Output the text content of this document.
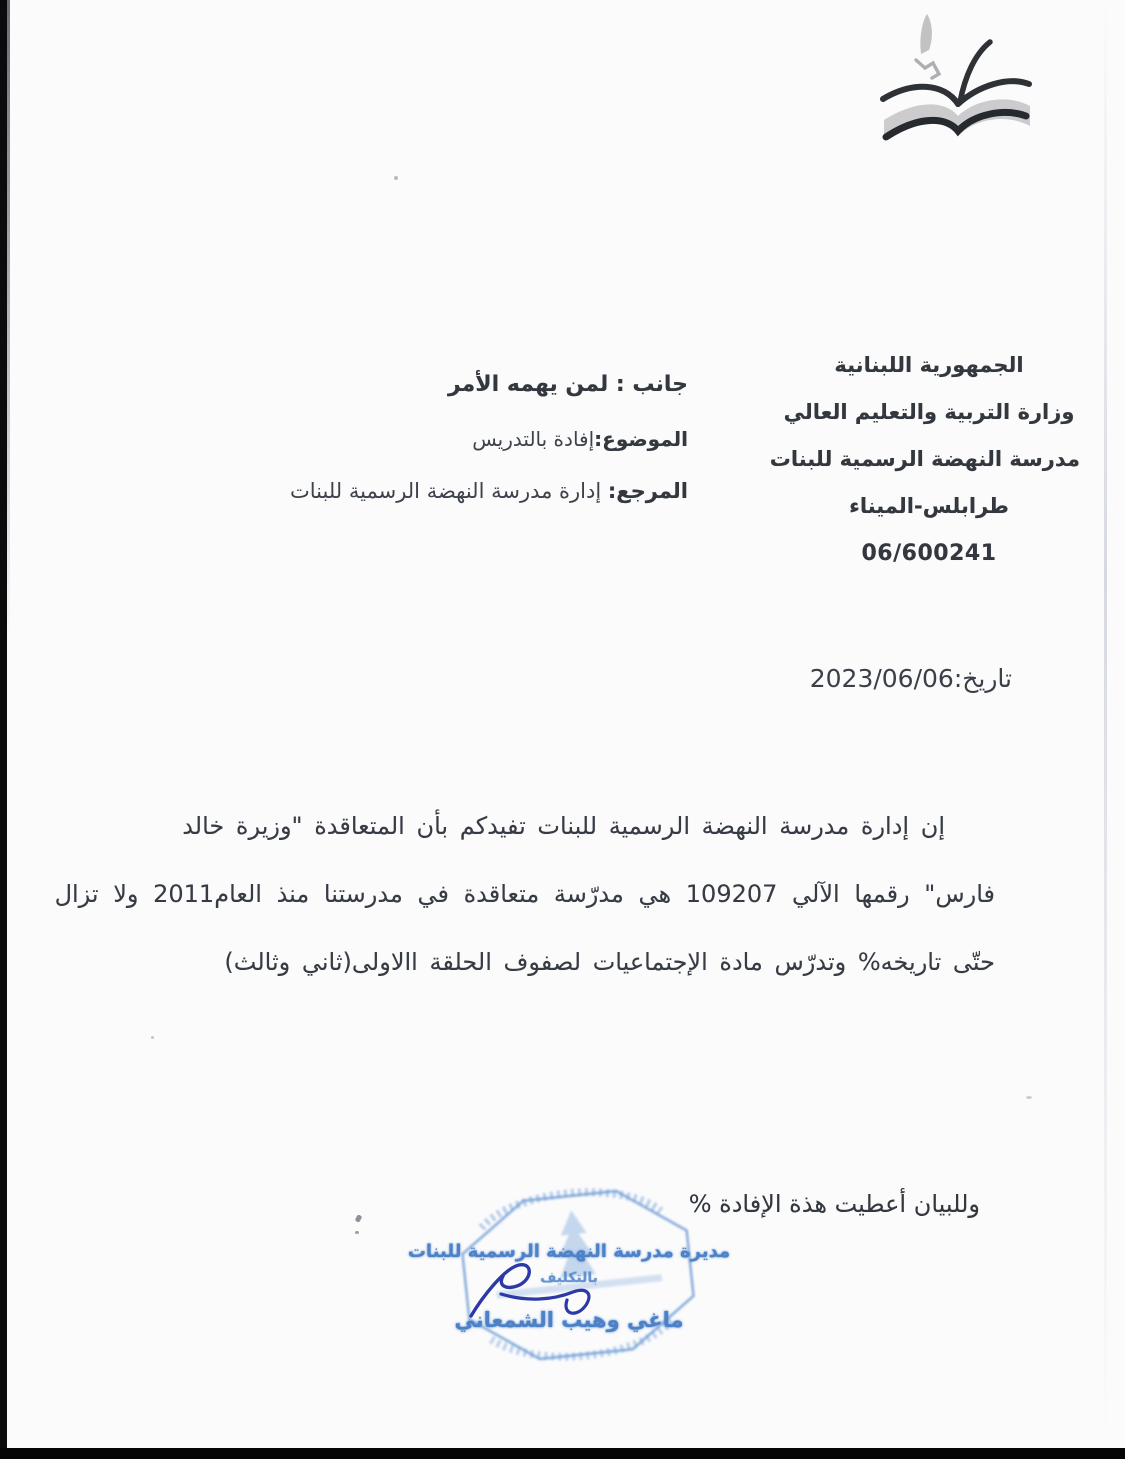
الجمهورية اللبنانية
وزارة التربية والتعليم العالي
مدرسة النهضة الرسمية للبنات
طرابلس-الميناء
06/600241
جانب : لمن يهمه الأمر
الموضوع:إفادة بالتدريس
المرجع: إدارة مدرسة النهضة الرسمية للبنات
تاريخ:2023/06/06
إن إدارة مدرسة النهضة الرسمية للبنات تفيدكم بأن المتعاقدة "وزيرة خالد
فارس" رقمها الآلي 109207 هي مدرّسة متعاقدة في مدرستنا منذ العام2011 ولا تزال
حتّى تاريخه% وتدرّس مادة الإجتماعيات لصفوف الحلقة االاولى(ثاني وثالث)
وللبيان أعطيت هذة الإفادة %
مديرة مدرسة النهضة الرسمية للبنات
بالتكليف
ماغي وهيب الشمعاني
